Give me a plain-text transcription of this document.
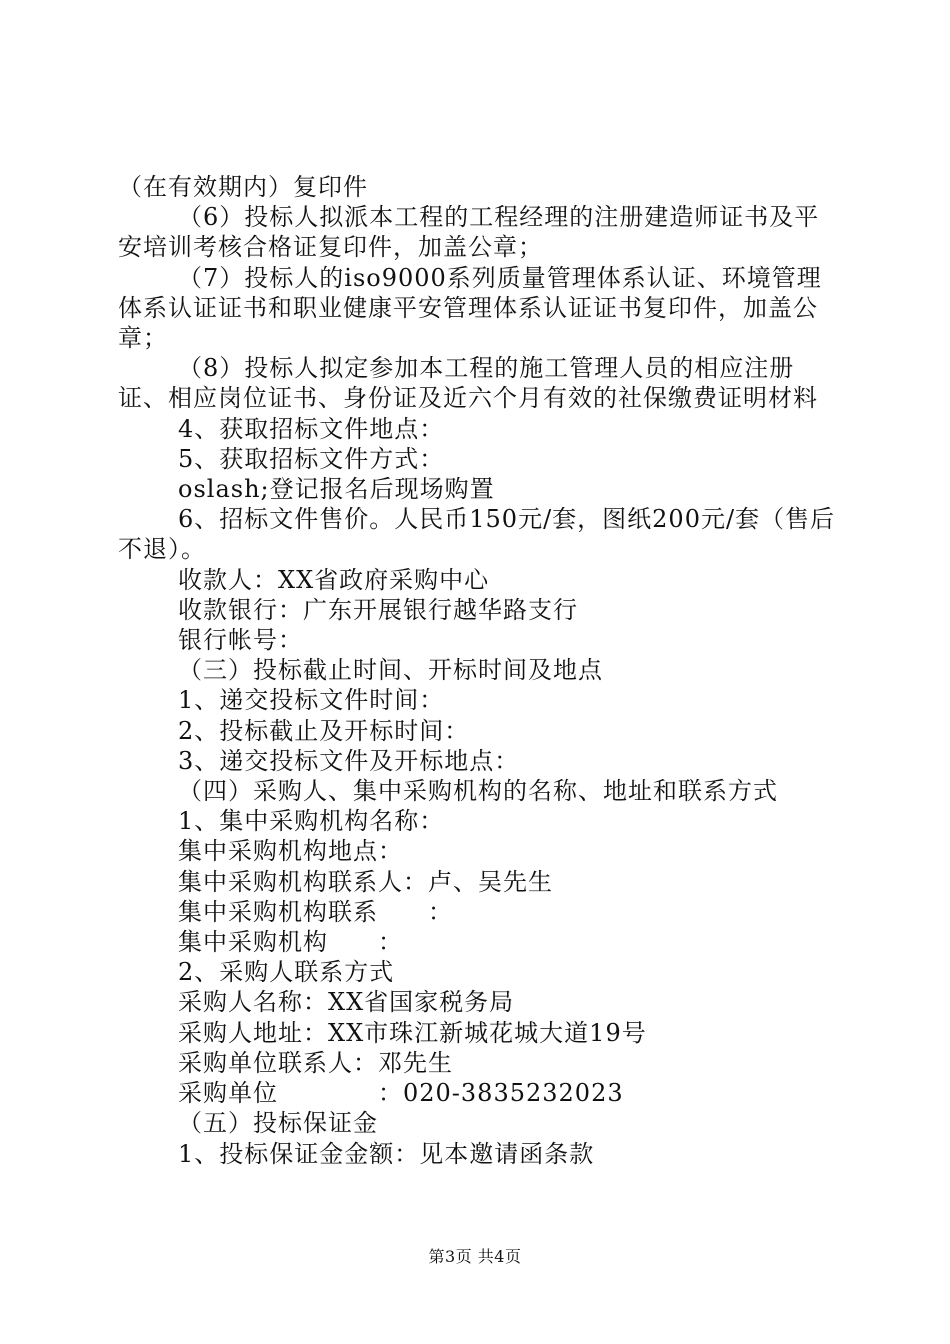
（在有效期内）复印件

（6）投标人拟派本工程的工程经理的注册建造师证书及平安培训考核合格证复印件，加盖公章；

（7）投标人的iso9000系列质量管理体系认证、环境管理体系认证证书和职业健康平安管理体系认证证书复印件，加盖公章；

（8）投标人拟定参加本工程的施工管理人员的相应注册证、相应岗位证书、身份证及近六个月有效的社保缴费证明材料

4、获取招标文件地点：

5、获取招标文件方式：

oslash;登记报名后现场购置

6、招标文件售价。人民币150元/套，图纸200元/套（售后不退）。

收款人：XX省政府采购中心

收款银行：广东开展银行越华路支行

银行帐号：

（三）投标截止时间、开标时间及地点

1、递交投标文件时间：

2、投标截止及开标时间：

3、递交投标文件及开标地点：

（四）采购人、集中采购机构的名称、地址和联系方式

1、集中采购机构名称：

集中采购机构地点：

集中采购机构联系人：卢、吴先生

集中采购机构联系　　：

集中采购机构　　：

2、采购人联系方式

采购人名称：XX省国家税务局

采购人地址：XX市珠江新城花城大道19号

采购单位联系人：邓先生

采购单位　　　　：020-3835232023

（五）投标保证金

1、投标保证金金额：见本邀请函条款

第3页 共4页
